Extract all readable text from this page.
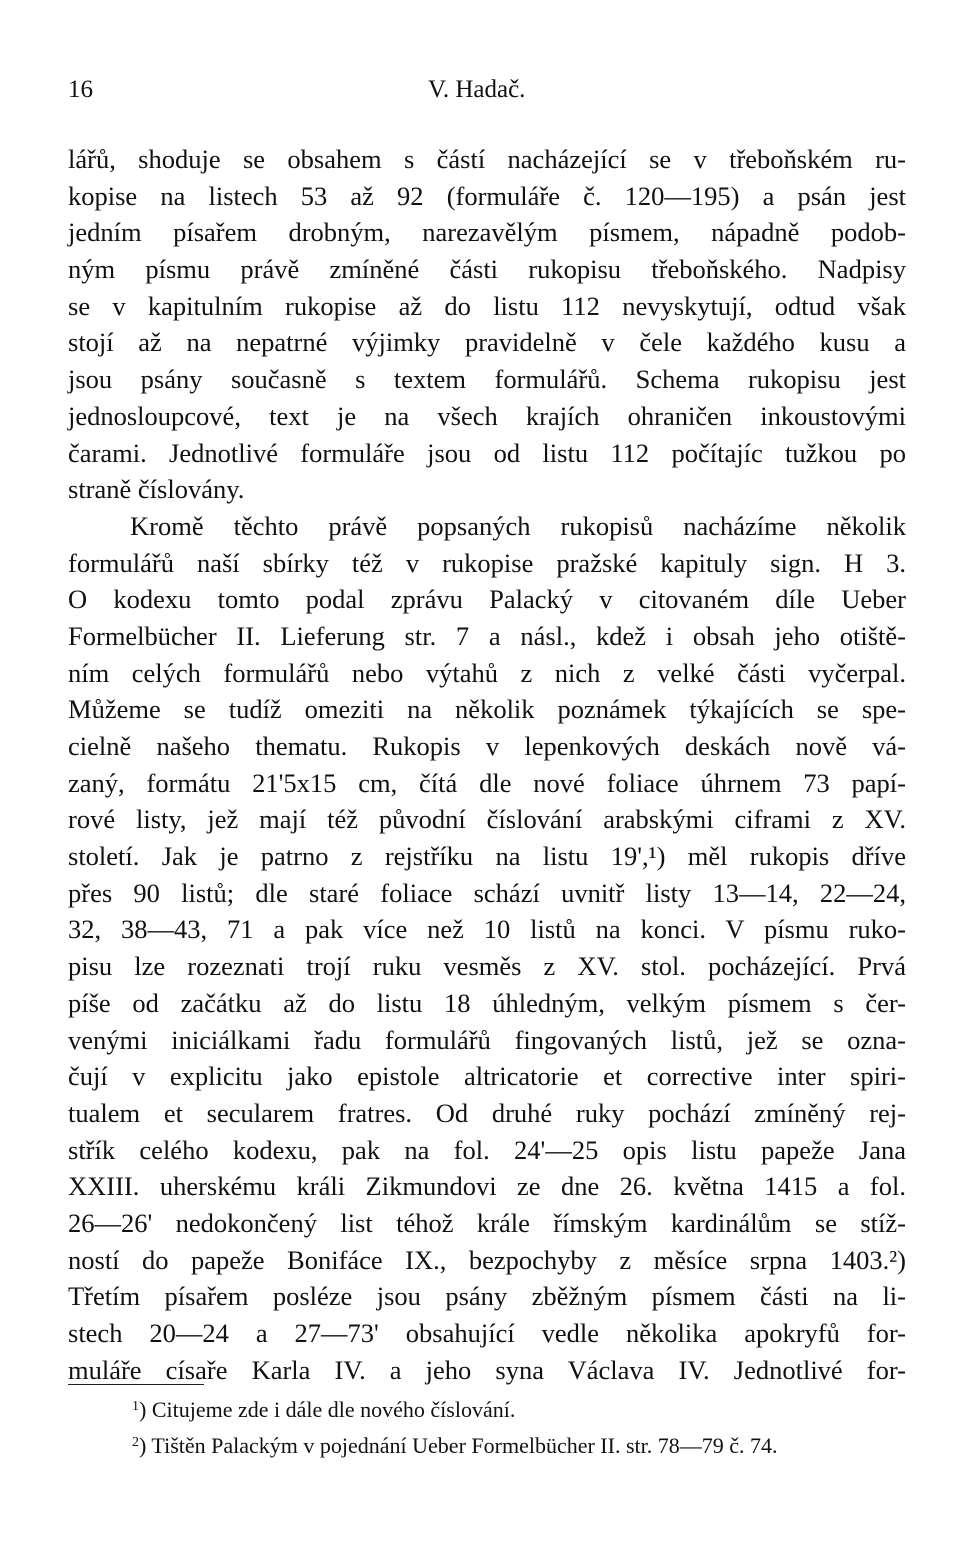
16	V. Hadač.
lářů, shoduje se obsahem s částí nacházející se v třeboňském ru-
kopise na listech 53 až 92 (formuláře č. 120—195) a psán jest
jedním písařem drobným, narezavělým písmem, nápadně podob-
ným písmu právě zmíněné části rukopisu třeboňského. Nadpisy
se v kapitulním rukopise až do listu 112 nevyskytují, odtud však
stojí až na nepatrné výjimky pravidelně v čele každého kusu a
jsou psány současně s textem formulářů. Schema rukopisu jest
jednosloupcové, text je na všech krajích ohraničen inkoustovými
čarami. Jednotlivé formuláře jsou od listu 112 počítajíc tužkou po
straně číslovány.
Kromě těchto právě popsaných rukopisů nacházíme několik
formulářů naší sbírky též v rukopise pražské kapituly sign. H 3.
O kodexu tomto podal zprávu Palacký v citovaném díle Ueber
Formelbücher II. Lieferung str. 7 a násl., kdež i obsah jeho otiště-
ním celých formulářů nebo výtahů z nich z velké části vyčerpal.
Můžeme se tudíž omeziti na několik poznámek týkajících se spe-
cielně našeho thematu. Rukopis v lepenkových deskách nově vá-
zaný, formátu 21'5x15 cm, čítá dle nové foliace úhrnem 73 papí-
rové listy, jež mají též původní číslování arabskými ciframi z XV.
století. Jak je patrno z rejstříku na listu 19',¹) měl rukopis dříve
přes 90 listů; dle staré foliace schází uvnitř listy 13—14, 22—24,
32, 38—43, 71 a pak více než 10 listů na konci. V písmu ruko-
pisu lze rozeznati trojí ruku vesměs z XV. stol. pocházející. Prvá
píše od začátku až do listu 18 úhledným, velkým písmem s čer-
venými iniciálkami řadu formulářů fingovaných listů, jež se ozna-
čují v explicitu jako epistole altricatorie et corrective inter spiri-
tualem et secularem fratres. Od druhé ruky pochází zmíněný rej-
střík celého kodexu, pak na fol. 24'—25 opis listu papeže Jana
XXIII. uherskému králi Zikmundovi ze dne 26. května 1415 a fol.
26—26' nedokončený list téhož krále římským kardinálům se stíž-
ností do papeže Bonifáce IX., bezpochyby z měsíce srpna 1403.²)
Třetím písařem posléze jsou psány zběžným písmem části na li-
stech 20—24 a 27—73' obsahující vedle několika apokryfů for-
muláře císaře Karla IV. a jeho syna Václava IV. Jednotlivé for-
$^1$) Citujeme zde i dále dle nového číslování.
$^2$) Tištěn Palackým v pojednání Ueber Formelbücher II. str. 78—79 č. 74.
